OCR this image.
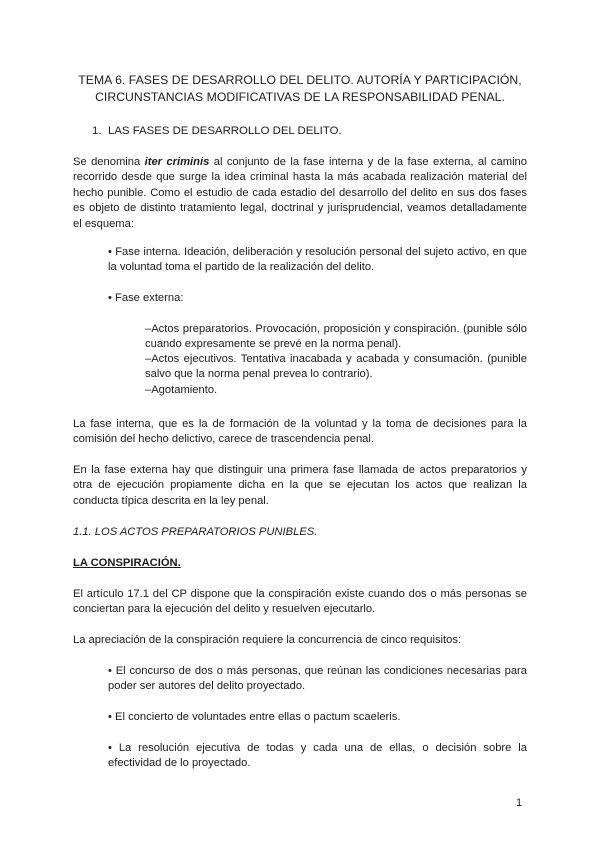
TEMA 6. FASES DE DESARROLLO DEL DELITO. AUTORÍA Y PARTICIPACIÓN,
CIRCUNSTANCIAS MODIFICATIVAS DE LA RESPONSABILIDAD PENAL.
1. LAS FASES DE DESARROLLO DEL DELITO.
Se denomina iter criminis al conjunto de la fase interna y de la fase externa, al camino recorrido desde que surge la idea criminal hasta la más acabada realización material del hecho punible. Como el estudio de cada estadio del desarrollo del delito en sus dos fases es objeto de distinto tratamiento legal, doctrinal y jurisprudencial, veamos detalladamente el esquema:
• Fase interna. Ideación, deliberación y resolución personal del sujeto activo, en que la voluntad toma el partido de la realización del delito.
• Fase externa:
–Actos preparatorios. Provocación, proposición y conspiración. (punible sólo cuando expresamente se prevé en la norma penal).
–Actos ejecutivos. Tentativa inacabada y acabada y consumación. (punible salvo que la norma penal prevea lo contrario).
–Agotamiento.
La fase interna, que es la de formación de la voluntad y la toma de decisiones para la comisión del hecho delictivo, carece de trascendencia penal.
En la fase externa hay que distinguir una primera fase llamada de actos preparatorios y otra de ejecución propiamente dicha en la que se ejecutan los actos que realizan la conducta típica descrita en la ley penal.
1.1. LOS ACTOS PREPARATORIOS PUNIBLES.
LA CONSPIRACIÓN.
El artículo 17.1 del CP dispone que la conspiración existe cuando dos o más personas se conciertan para la ejecución del delito y resuelven ejecutarlo.
La apreciación de la conspiración requiere la concurrencia de cinco requisitos:
• El concurso de dos o más personas, que reúnan las condiciones necesarias para poder ser autores del delito proyectado.
• El concierto de voluntades entre ellas o pactum scaeleris.
• La resolución ejecutiva de todas y cada una de ellas, o decisión sobre la efectividad de lo proyectado.
1
